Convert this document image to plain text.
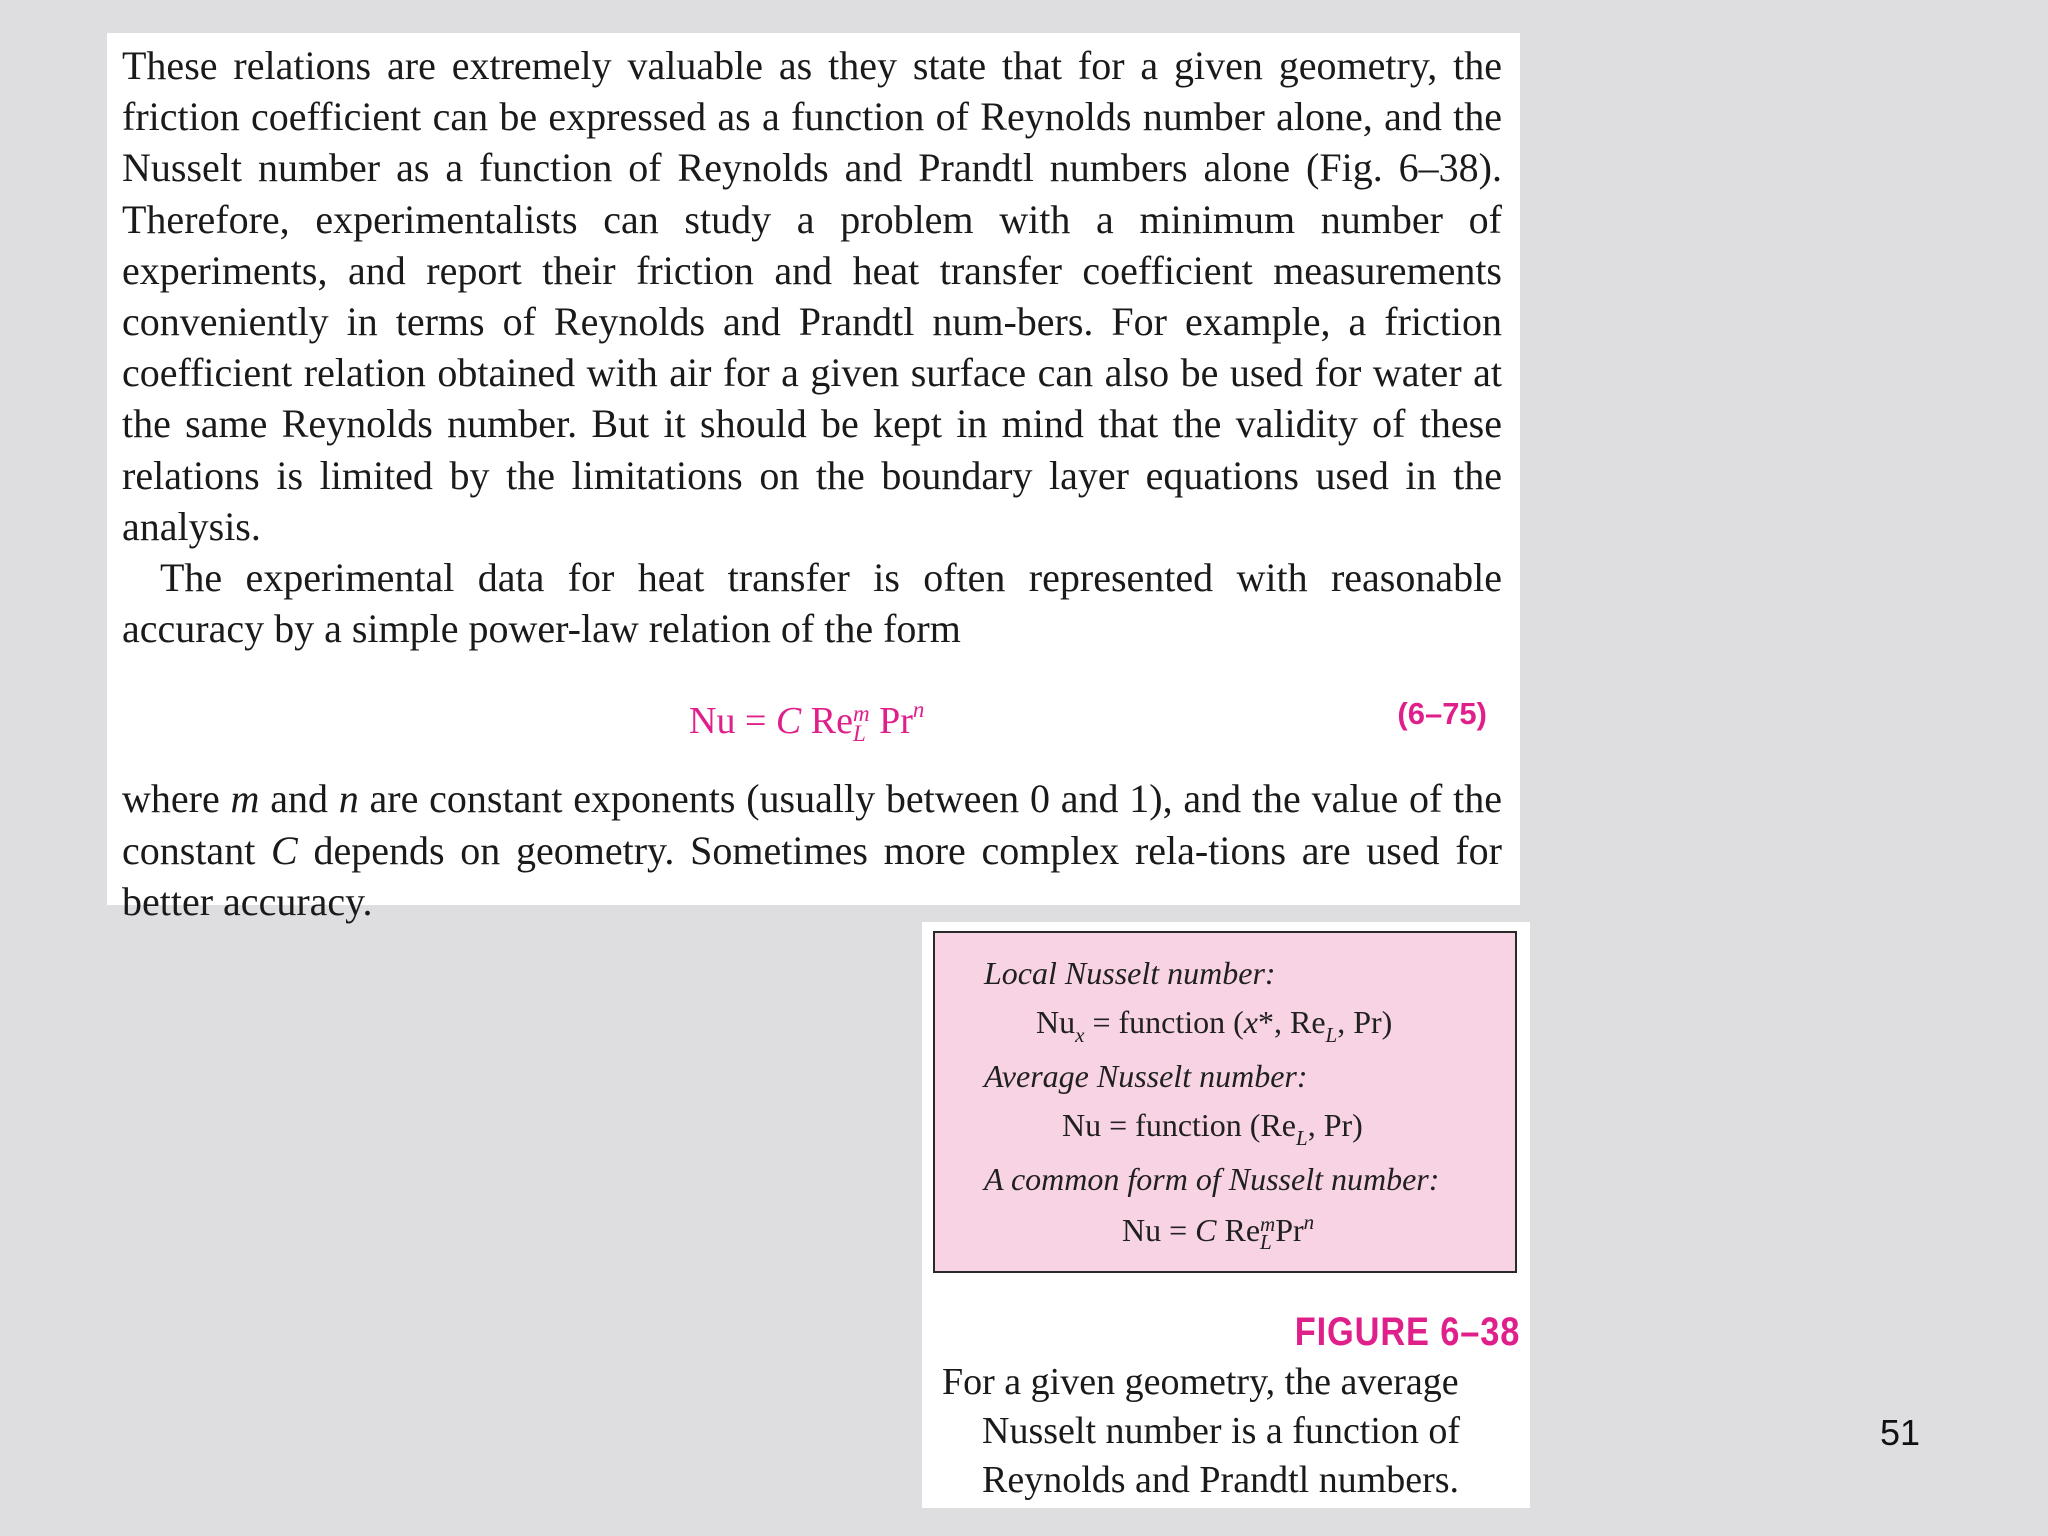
These relations are extremely valuable as they state that for a given geometry, the friction coefficient can be expressed as a function of Reynolds number alone, and the Nusselt number as a function of Reynolds and Prandtl numbers alone (Fig. 6–38). Therefore, experimentalists can study a problem with a minimum number of experiments, and report their friction and heat transfer coefficient measurements conveniently in terms of Reynolds and Prandtl num-bers. For example, a friction coefficient relation obtained with air for a given surface can also be used for water at the same Reynolds number. But it should be kept in mind that the validity of these relations is limited by the limitations on the boundary layer equations used in the analysis.

The experimental data for heat transfer is often represented with reasonable accuracy by a simple power-law relation of the form

Nu = C Re m
L Prn	(6–75)

where m and n are constant exponents (usually between 0 and 1), and the value of the constant C depends on geometry. Sometimes more complex rela-tions are used for better accuracy.

Local Nusselt number:
$Nu_x$ = function (x*, $Re_L$, Pr)
Average Nusselt number:
Nu = function ($Re_L$, Pr)
A common form of Nusselt number:
Nu = C Re m
L Pr$^n$
FIGURE 6–38
For a given geometry, the average
Nusselt number is a function of
Reynolds and Prandtl numbers.
51
